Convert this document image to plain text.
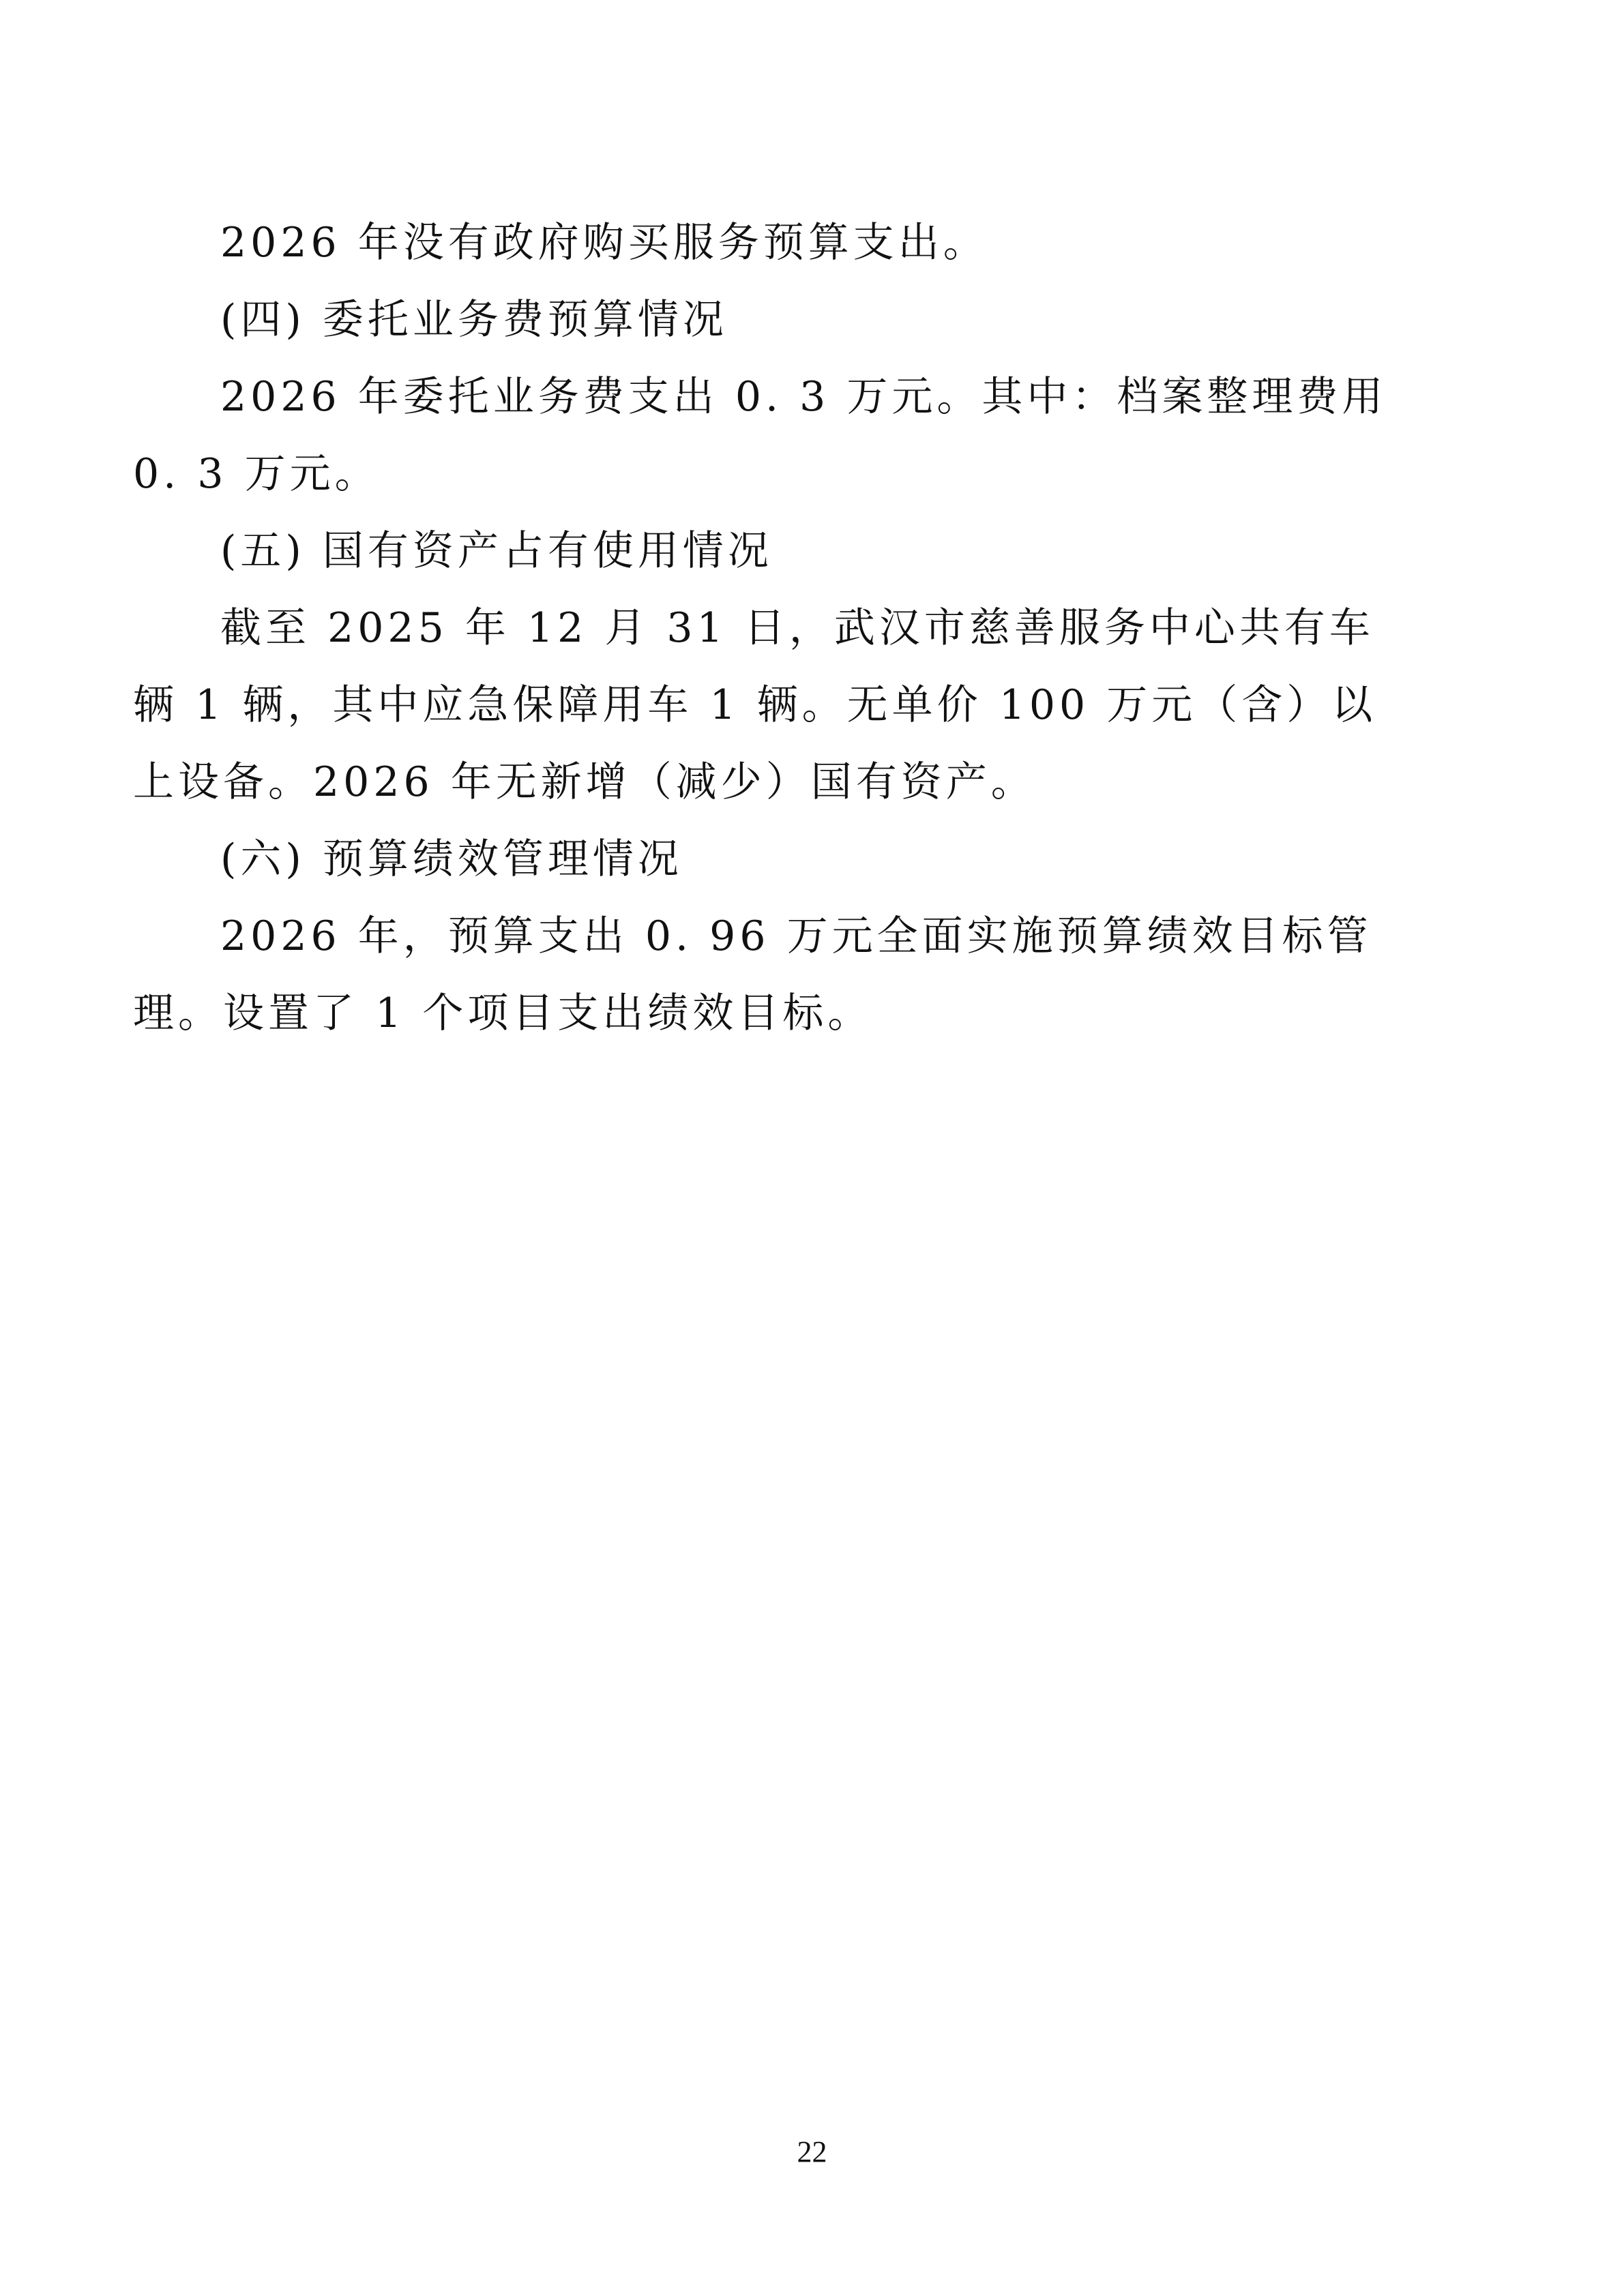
2026 年没有政府购买服务预算支出。

(四) 委托业务费预算情况

2026 年委托业务费支出 0. 3 万元。其中：档案整理费用 0. 3 万元。

(五) 国有资产占有使用情况

截至 2025 年 12 月 31 日，武汉市慈善服务中心共有车辆 1 辆，其中应急保障用车 1 辆。无单价 100 万元（含）以上设备。2026 年无新增（减少）国有资产。

(六) 预算绩效管理情况

2026 年，预算支出 0. 96 万元全面实施预算绩效目标管理。设置了 1 个项目支出绩效目标。

22
